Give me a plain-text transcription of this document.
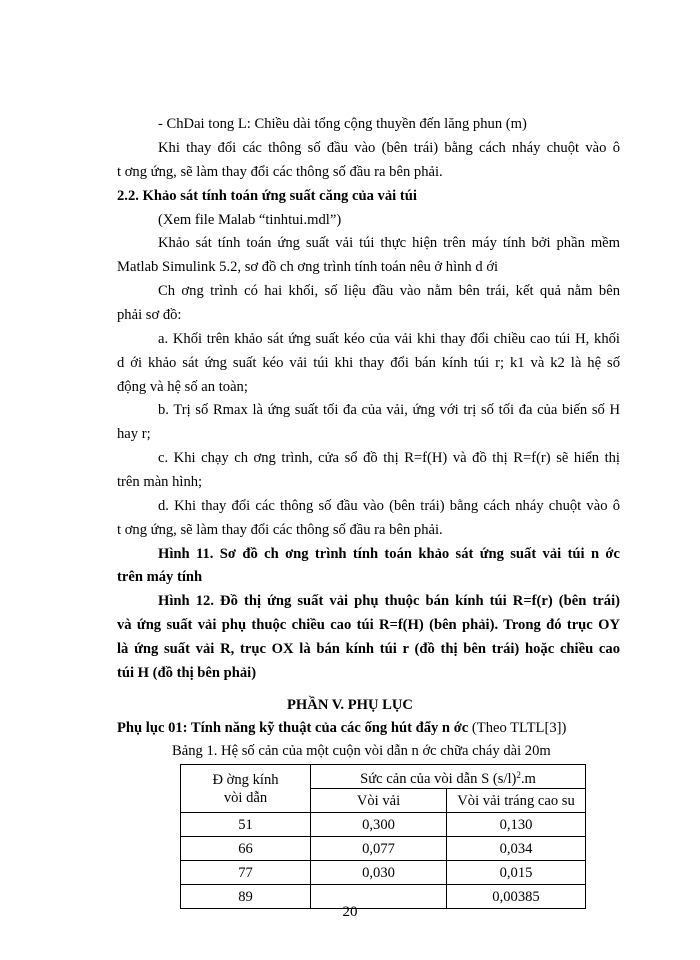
- ChDai tong L: Chiều dài tổng cộng thuyền đến lăng phun (m)
Khi thay đổi các thông số đầu vào (bên trái) bằng cách nháy chuột vào ô
t ơng ứng, sẽ làm thay đổi các thông số đầu ra bên phải.
2.2. Khảo sát tính toán ứng suất căng của vải túi
(Xem file Malab “tinhtui.mdl”)
Khảo sát tính toán ứng suất vải túi thực hiện trên máy tính bởi phần mềm
Matlab Simulink 5.2, sơ đồ ch ơng trình tính toán nêu ở hình d ới
Ch ơng trình có hai khối, số liệu đầu vào nằm bên trái, kết quả nằm bên
phải sơ đồ:
a. Khối trên khảo sát ứng suất kéo của vải khi thay đổi chiều cao túi H, khối
d ới khảo sát ứng suất kéo vải túi khi thay đổi bán kính túi r; k1 và k2 là hệ số
động và hệ số an toàn;
b. Trị số Rmax là ứng suất tối đa của vải, ứng với trị số tối đa của biến số H
hay r;
c. Khi chạy ch ơng trình, cửa sổ đồ thị R=f(H) và đồ thị R=f(r) sẽ hiển thị
trên màn hình;
d. Khi thay đổi các thông số đầu vào (bên trái) bằng cách nháy chuột vào ô
t ơng ứng, sẽ làm thay đổi các thông số đầu ra bên phải.
Hình 11. Sơ đồ ch ơng trình tính toán khảo sát ứng suất vải túi n ớc
trên máy tính
Hình 12. Đồ thị ứng suất vải phụ thuộc bán kính túi R=f(r) (bên trái)
và ứng suất vải phụ thuộc chiều cao túi R=f(H) (bên phải). Trong đó trục OY
là ứng suất vải R, trục OX là bán kính túi r (đồ thị bên trái) hoặc chiều cao
túi H (đồ thị bên phải)
PHẦN V. PHỤ LỤC
Phụ lục 01: Tính năng kỹ thuật của các ống hút đẩy n ớc (Theo TLTL[3])
Bảng 1. Hệ số cản của một cuộn vòi dẫn n ớc chữa cháy dài 20m
Đ ờng kính
vòi dẫn	Sức cản của vòi dẫn S $(s/l)^2.m$	
	Vòi vải	Vòi vải tráng cao su
51	0,300	0,130
66	0,077	0,034
77	0,030	0,015
89		0,00385
20
